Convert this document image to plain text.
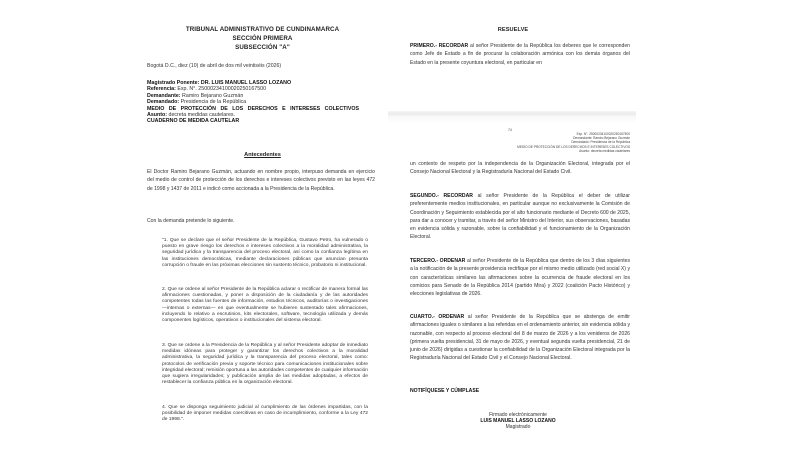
TRIBUNAL ADMINISTRATIVO DE CUNDINAMARCA
SECCIÓN PRIMERA
SUBSECCIÓN "A"
Bogotá D.C., diez (10) de abril de dos mil veintiséis (2026)
Magistrado Ponente: DR. LUIS MANUEL LASSO LOZANO
Referencia: Exp. N°. 25000234100020250167500
Demandante: Ramiro Bejarano Guzmán
Demandado: Presidencia de la República
MEDIO DE PROTECCIÓN DE LOS DERECHOS E INTERESES COLECTIVOS
Asunto: decreta medidas cautelares.
CUADERNO DE MEDIDA CAUTELAR
Antecedentes
El Doctor Ramiro Bejarano Guzmán, actuando en nombre propio, interpuso demanda en ejercicio del medio de control de protección de los derechos e intereses colectivos previsto en las leyes 472 de 1998 y 1437 de 2011 e indicó como accionada a la Presidencia de la República.
Con la demanda pretende lo siguiente.
"1. Que se declare que el señor Presidente de la República, Gustavo Petro, ha vulnerado o puesto en grave riesgo los derechos e intereses colectivos a la moralidad administrativa, la seguridad jurídica y la transparencia del proceso electoral, así como la confianza legítima en las instituciones democráticas, mediante declaraciones públicas que anuncian presunta corrupción o fraude en las próximas elecciones sin sustento técnico, probatorio ni institucional.
2. Que se ordene al señor Presidente de la República aclarar o rectificar de manera formal las afirmaciones cuestionadas, y poner a disposición de la ciudadanía y de las autoridades competentes todas las fuentes de información, estudios técnicos, auditorías o investigaciones —internas o externas— en que eventualmente se hubieren sustentado tales afirmaciones, incluyendo lo relativo a escrutinios, kits electorales, software, tecnología utilizada y demás componentes logísticos, operativos o institucionales del sistema electoral.
3. Que se ordene a la Presidencia de la República y al señor Presidente adoptar de inmediato medidas idóneas para proteger y garantizar los derechos colectivos a la moralidad administrativa, la seguridad jurídica y la transparencia del proceso electoral, tales como: protocolos de verificación previa y soporte técnico para comunicaciones institucionales sobre integridad electoral; remisión oportuna a las autoridades competentes de cualquier información que sugiera irregularidades; y publicación amplia de las medidas adoptadas, a efectos de restablecer la confianza pública en la organización electoral.
4. Que se disponga seguimiento judicial al cumplimiento de las órdenes impartidas, con la posibilidad de imponer medidas coercitivas en caso de incumplimiento, conforme a la Ley 472 de 1998.".
RESUELVE
PRIMERO.- RECORDAR al señor Presidente de la República los deberes que le corresponden como Jefe de Estado a fin de procurar la colaboración armónica con los demás órganos del Estado en la presente coyuntura electoral, en particular en
74
Exp. N°. 25000234100020250167500
Demandante: Ramiro Bejarano Guzmán
Demandado: Presidencia de la República
MEDIO DE PROTECCIÓN DE LOS DERECHOS E INTERESES COLECTIVOS
Asunto: decreta medidas cautelares
un contexto de respeto por la independencia de la Organización Electoral, integrada por el Consejo Nacional Electoral y la Registraduría Nacional del Estado Civil.
SEGUNDO.- RECORDAR al señor Presidente de la República el deber de utilizar preferentemente medios institucionales, en particular aunque no exclusivamente la Comisión de Coordinación y Seguimiento establecida por el alto funcionario mediante el Decreto 600 de 2025, para dar a conocer y tramitar, a través del señor Ministro del Interior, sus observaciones, basadas en evidencia sólida y razonable, sobre la confiabilidad y el funcionamiento de la Organización Electoral.
TERCERO.- ORDENAR al señor Presidente de la República que dentro de los 3 días siguientes a la notificación de la presente providencia rectifique por el mismo medio utilizado (red social X) y con características similares las afirmaciones sobre la ocurrencia de fraude electoral en los comicios para Senado de la República 2014 (partido Mira) y 2022 (coalición Pacto Histórico) y elecciones legislativas de 2026.
CUARTO.- ORDENAR al señor Presidente de la República que se abstenga de emitir afirmaciones iguales o similares a las referidas en el ordenamiento anterior, sin evidencia sólida y razonable, con respecto al proceso electoral del 8 de marzo de 2026 y a los venideros de 2026 (primera vuelta presidencial, 31 de mayo de 2026, y eventual segunda vuelta presidencial, 21 de junio de 2026) dirigidas a cuestionar la confiabilidad de la Organización Electoral integrada por la Registraduría Nacional del Estado Civil y el Consejo Nacional Electoral.
NOTIFÍQUESE Y CÚMPLASE
Firmado electrónicamente
LUIS MANUEL LASSO LOZANO
Magistrado
